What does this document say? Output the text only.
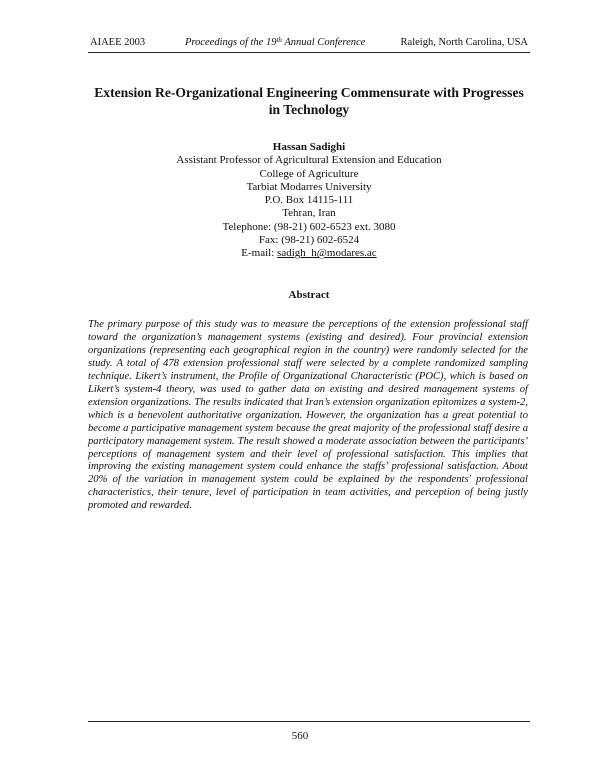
AIAEE 2003	Proceedings of the 19th Annual Conference	Raleigh, North Carolina, USA
Extension Re-Organizational Engineering Commensurate with Progresses
in Technology
Hassan Sadighi
Assistant Professor of Agricultural Extension and Education
College of Agriculture
Tarbiat Modarres University
P.O. Box 14115-111
Tehran, Iran
Telephone: (98-21) 602-6523 ext. 3080
Fax: (98-21) 602-6524
E-mail: sadigh_h@modares.ac
Abstract
The primary purpose of this study was to measure the perceptions of the extension professional staff toward the organization’s management systems (existing and desired). Four provincial extension organizations (representing each geographical region in the country) were randomly selected for the study. A total of 478 extension professional staff were selected by a complete randomized sampling technique. Likert’s instrument, the Profile of Organizational Characteristic (POC), which is based on Likert’s system-4 theory, was used to gather data on existing and desired management systems of extension organizations. The results indicated that Iran’s extension organization epitomizes a system-2, which is a benevolent authoritative organization. However, the organization has a great potential to become a participative management system because the great majority of the professional staff desire a participatory management system. The result showed a moderate association between the participants’ perceptions of management system and their level of professional satisfaction. This implies that improving the existing management system could enhance the staffs’ professional satisfaction. About 20% of the variation in management system could be explained by the respondents' professional characteristics, their tenure, level of participation in team activities, and perception of being justly promoted and rewarded.
560
